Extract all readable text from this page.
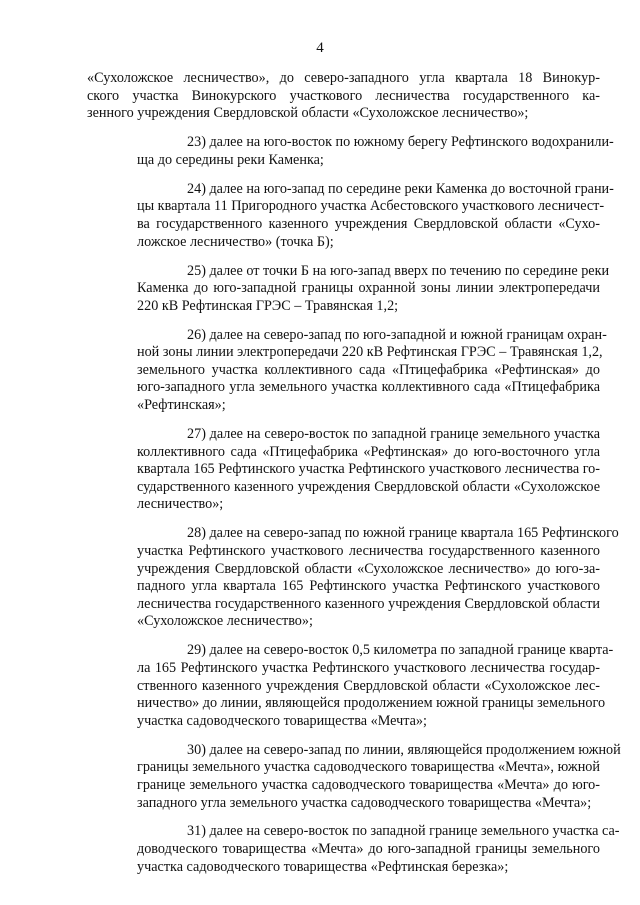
4
«Сухоложское лесничество», до северо-западного угла квартала 18 Винокур-
ского участка Винокурского участкового лесничества государственного ка-
зенного учреждения Свердловской области «Сухоложское лесничество»;
23) далее на юго-восток по южному берегу Рефтинского водохранили-
ща до середины реки Каменка;
24) далее на юго-запад по середине реки Каменка до восточной грани-
цы квартала 11 Пригородного участка Асбестовского участкового лесничест-
ва государственного казенного учреждения Свердловской области «Сухо-
ложское лесничество» (точка Б);
25) далее от точки Б на юго-запад вверх по течению по середине реки
Каменка до юго-западной границы охранной зоны линии электропередачи
220 кВ Рефтинская ГРЭС – Травянская 1,2;
26) далее на северо-запад по юго-западной и южной границам охран-
ной зоны линии электропередачи 220 кВ Рефтинская ГРЭС – Травянская 1,2,
земельного участка коллективного сада «Птицефабрика «Рефтинская» до
юго-западного угла земельного участка коллективного сада «Птицефабрика
«Рефтинская»;
27) далее на северо-восток по западной границе земельного участка
коллективного сада «Птицефабрика «Рефтинская» до юго-восточного угла
квартала 165 Рефтинского участка Рефтинского участкового лесничества го-
сударственного казенного учреждения Свердловской области «Сухоложское
лесничество»;
28) далее на северо-запад по южной границе квартала 165 Рефтинского
участка Рефтинского участкового лесничества государственного казенного
учреждения Свердловской области «Сухоложское лесничество» до юго-за-
падного угла квартала 165 Рефтинского участка Рефтинского участкового
лесничества государственного казенного учреждения Свердловской области
«Сухоложское лесничество»;
29) далее на северо-восток 0,5 километра по западной границе кварта-
ла 165 Рефтинского участка Рефтинского участкового лесничества государ-
ственного казенного учреждения Свердловской области «Сухоложское лес-
ничество» до линии, являющейся продолжением южной границы земельного
участка садоводческого товарищества «Мечта»;
30) далее на северо-запад по линии, являющейся продолжением южной
границы земельного участка садоводческого товарищества «Мечта», южной
границе земельного участка садоводческого товарищества «Мечта» до юго-
западного угла земельного участка садоводческого товарищества «Мечта»;
31) далее на северо-восток по западной границе земельного участка са-
доводческого товарищества «Мечта» до юго-западной границы земельного
участка садоводческого товарищества «Рефтинская березка»;
